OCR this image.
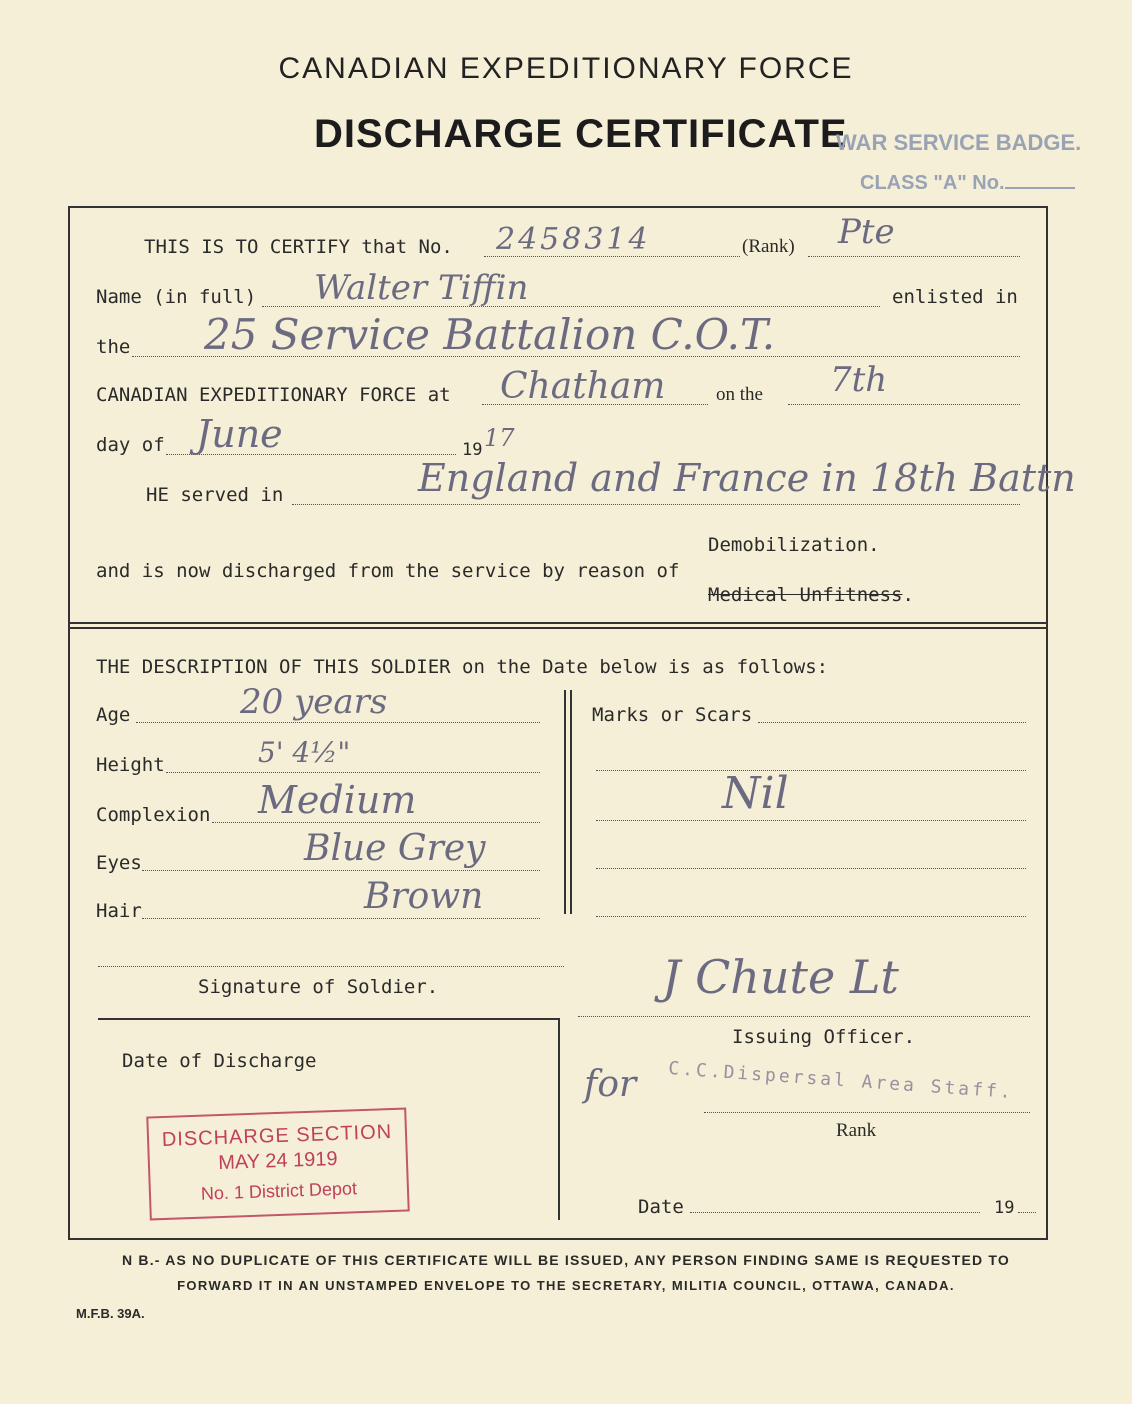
CANADIAN EXPEDITIONARY FORCE
DISCHARGE CERTIFICATE
WAR SERVICE BADGE.
CLASS "A" No.
THIS IS TO CERTIFY that No. 2458314	(Rank) Pte
Name (in full) Walter Tiffin	enlisted in
the 25 Service Battalion C.O.T.
CANADIAN EXPEDITIONARY FORCE at Chatham	on the 7th
day of June	19 17
HE served in	England and France in 18th Battn
Demobilization.
and is now discharged from the service by reason of
Medical Unfitness.
THE DESCRIPTION OF THIS SOLDIER on the Date below is as follows:
Age	20 years
Height	5' 4½"
Complexion Medium
Eyes	Blue Grey
Hair	Brown
Marks or Scars
Nil
Signature of Soldier.	J Chute Lt
Issuing Officer.
Date of Discharge
DISCHARGE SECTION
MAY 24 1919
No. 1 District Depot
for C.C.Dispersal Area Staff.
Rank
Date	19
N B.- AS NO DUPLICATE OF THIS CERTIFICATE WILL BE ISSUED, ANY PERSON FINDING SAME IS REQUESTED TO
FORWARD IT IN AN UNSTAMPED ENVELOPE TO THE SECRETARY, MILITIA COUNCIL, OTTAWA, CANADA.
M.F.B. 39A.
